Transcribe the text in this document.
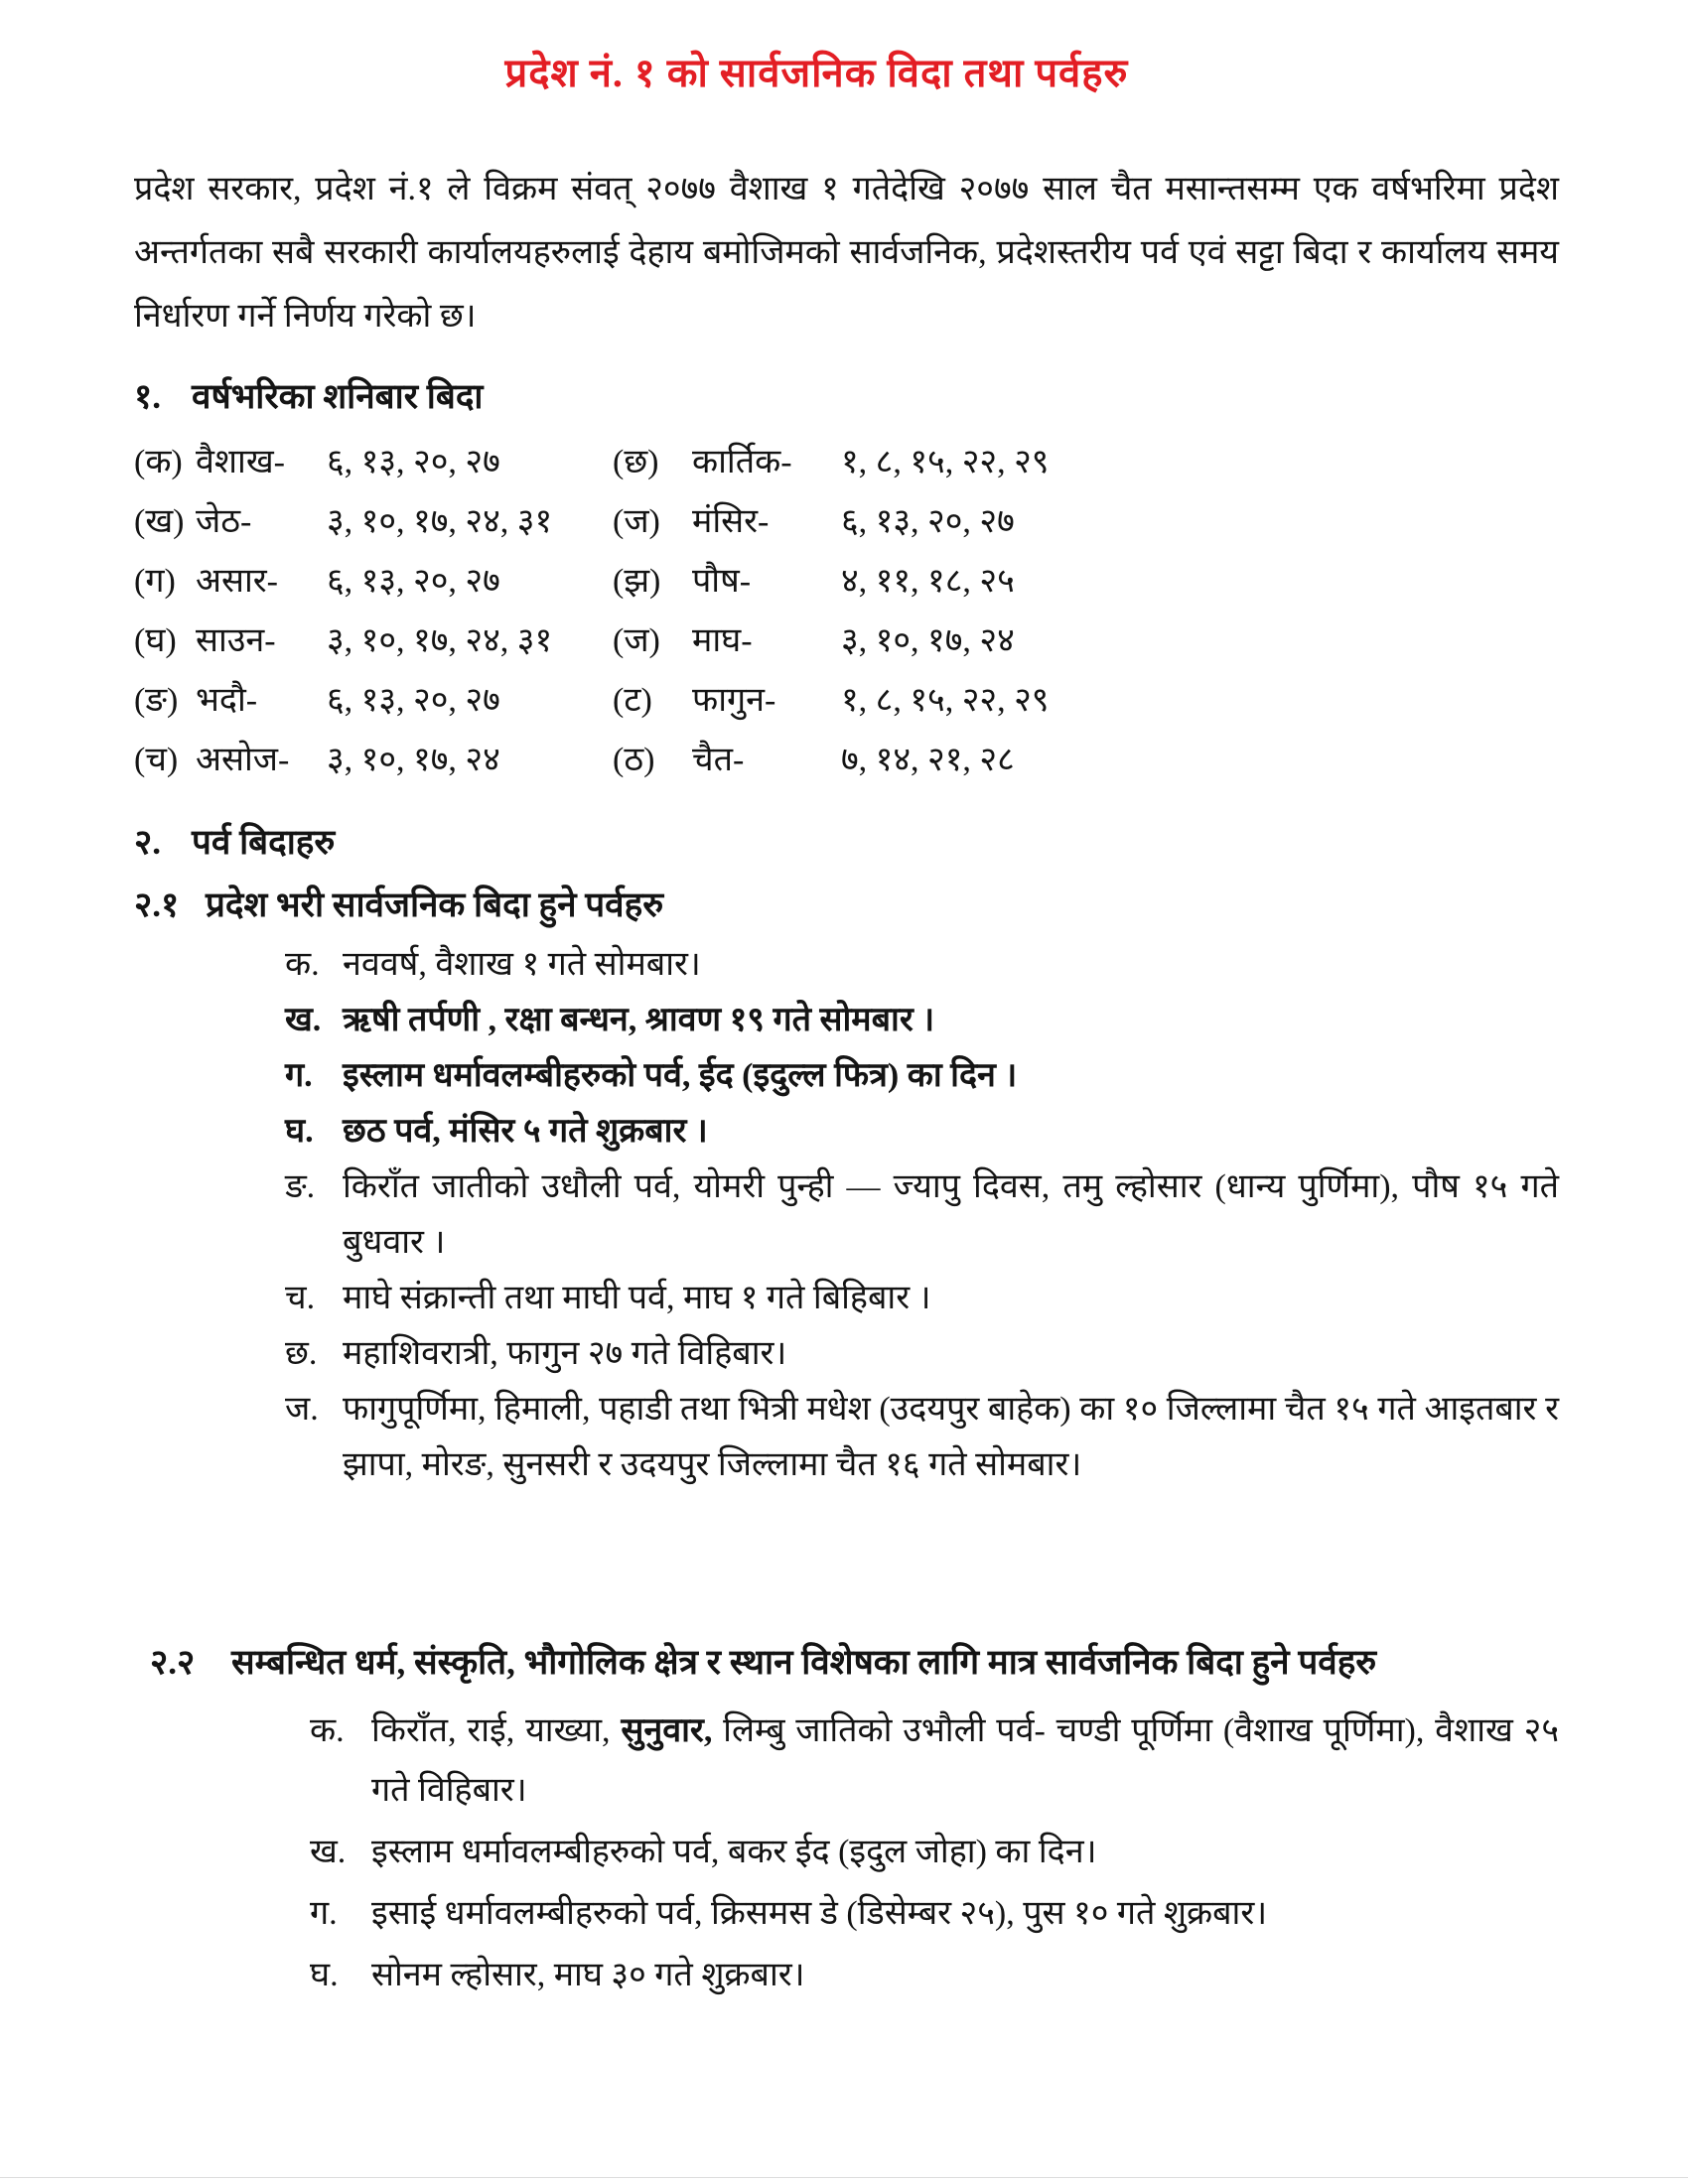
प्रदेश नं. १ को सार्वजनिक विदा तथा पर्वहरु
प्रदेश सरकार, प्रदेश नं.१ ले विक्रम संवत् २०७७ वैशाख १ गतेदेखि २०७७ साल चैत मसान्तसम्म एक वर्षभरिमा प्रदेश अन्तर्गतका सबै सरकारी कार्यालयहरुलाई देहाय बमोजिमको सार्वजनिक, प्रदेशस्तरीय पर्व एवं सट्टा बिदा र कार्यालय समय निर्धारण गर्ने निर्णय गरेको छ।
१. वर्षभरिका शनिबार बिदा
(क) वैशाख-	६, १३, २०, २७	(छ) कार्तिक-	१, ८, १५, २२, २९
(ख) जेठ-	३, १०, १७, २४, ३१	(ज) मंसिर-	६, १३, २०, २७
(ग) असार-	६, १३, २०, २७	(झ) पौष-	४, ११, १८, २५
(घ) साउन-	३, १०, १७, २४, ३१	(ज) माघ-	३, १०, १७, २४
(ङ) भदौ-	६, १३, २०, २७	(ट)	फागुन-	१, ८, १५, २२, २९
(च) असोज-	३, १०, १७, २४	(ठ)	चैत-	७, १४, २१, २८
२. पर्व बिदाहरु
२.१ प्रदेश भरी सार्वजनिक बिदा हुने पर्वहरु
क. नववर्ष, वैशाख १ गते सोमबार।
ख. ऋषी तर्पणी , रक्षा बन्धन, श्रावण १९ गते सोमबार ।
ग. इस्लाम धर्मावलम्बीहरुको पर्व, ईद (इदुल्ल फित्र) का दिन ।
घ. छठ पर्व, मंसिर ५ गते शुक्रबार ।
ङ. किराँत जातीको उधौली पर्व, योमरी पुन्ही — ज्यापु दिवस, तमु ल्होसार (धान्य पुर्णिमा), पौष १५ गते बुधवार ।
च. माघे संक्रान्ती तथा माघी पर्व, माघ १ गते बिहिबार ।
छ. महाशिवरात्री, फागुन २७ गते विहिबार।
ज. फागुपूर्णिमा, हिमाली, पहाडी तथा भित्री मधेश (उदयपुर बाहेक) का १० जिल्लामा चैत १५ गते आइतबार र झापा, मोरङ, सुनसरी र उदयपुर जिल्लामा चैत १६ गते सोमबार।
२.२	सम्बन्धित धर्म, संस्कृति, भौगोलिक क्षेत्र र स्थान विशेषका लागि मात्र सार्वजनिक बिदा हुने पर्वहरु
क. किराँत, राई, याख्या, सुनुवार, लिम्बु जातिको उभौली पर्व- चण्डी पूर्णिमा (वैशाख पूर्णिमा), वैशाख २५ गते विहिबार।
ख. इस्लाम धर्मावलम्बीहरुको पर्व, बकर ईद (इदुल जोहा) का दिन।
ग.	इसाई धर्मावलम्बीहरुको पर्व, क्रिसमस डे (डिसेम्बर २५), पुस १० गते शुक्रबार।
घ. सोनम ल्होसार, माघ ३० गते शुक्रबार।
